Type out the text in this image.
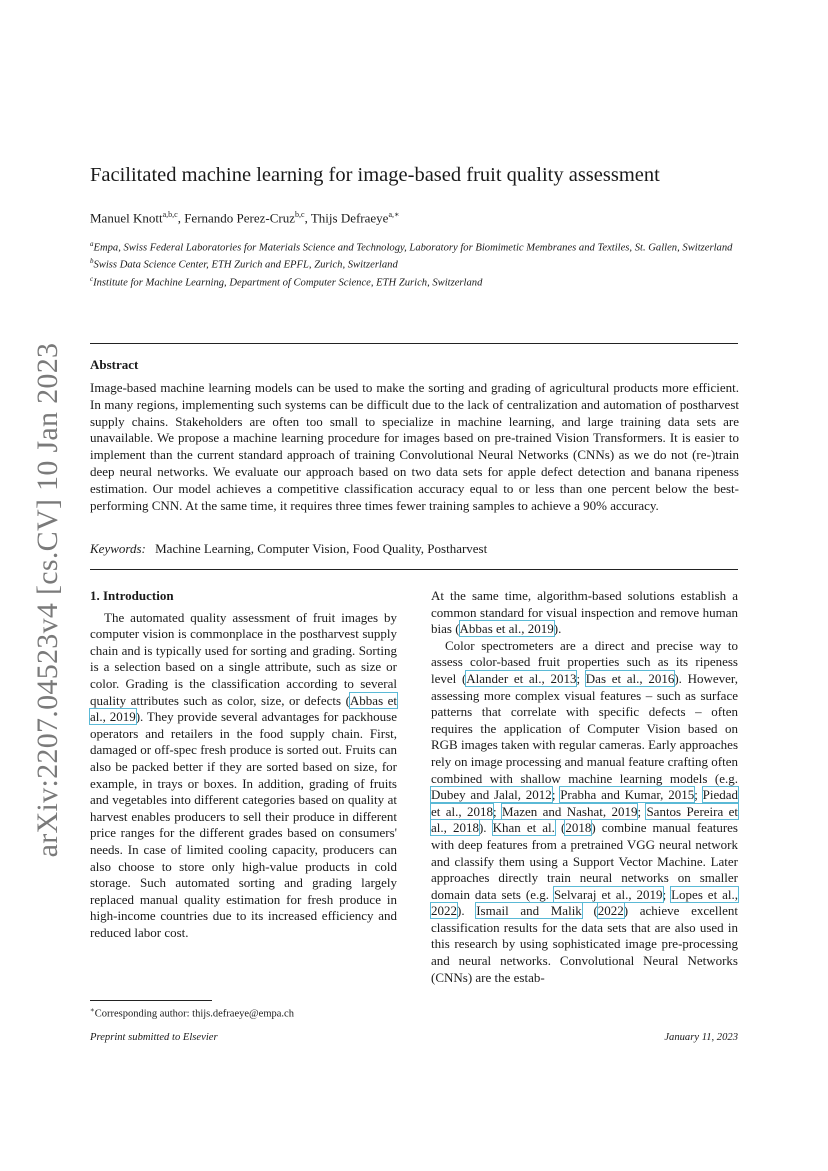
arXiv:2207.04523v4 [cs.CV] 10 Jan 2023
Facilitated machine learning for image-based fruit quality assessment
Manuel Knott$^{a,b,c}$, Fernando Perez-Cruz$^{b,c}$, Thijs Defraeye$^{a,∗}$
$^a$Empa, Swiss Federal Laboratories for Materials Science and Technology, Laboratory for Biomimetic Membranes and Textiles, St. Gallen, Switzerland
$^b$Swiss Data Science Center, ETH Zurich and EPFL, Zurich, Switzerland
$^c$Institute for Machine Learning, Department of Computer Science, ETH Zurich, Switzerland
Abstract
Image-based machine learning models can be used to make the sorting and grading of agricultural products more efficient. In many regions, implementing such systems can be difficult due to the lack of centralization and automation of postharvest supply chains. Stakeholders are often too small to specialize in machine learning, and large training data sets are unavailable. We propose a machine learning procedure for images based on pre-trained Vision Transformers. It is easier to implement than the current standard approach of training Convolutional Neural Networks (CNNs) as we do not (re-)train deep neural networks. We evaluate our approach based on two data sets for apple defect detection and banana ripeness estimation. Our model achieves a competitive classification accuracy equal to or less than one percent below the best-performing CNN. At the same time, it requires three times fewer training samples to achieve a 90% accuracy.
Keywords: Machine Learning, Computer Vision, Food Quality, Postharvest
1. Introduction

The automated quality assessment of fruit images by computer vision is commonplace in the postharvest supply chain and is typically used for sorting and grading. Sorting is a selection based on a single attribute, such as size or color. Grading is the classification according to several quality attributes such as color, size, or defects (Abbas et al., 2019). They provide several advantages for packhouse operators and retailers in the food supply chain. First, damaged or off-spec fresh produce is sorted out. Fruits can also be packed better if they are sorted based on size, for example, in trays or boxes. In addition, grading of fruits and vegetables into different categories based on quality at harvest enables producers to sell their produce in different price ranges for the different grades based on consumers' needs. In case of limited cooling capacity, producers can also choose to store only high-value products in cold storage. Such automated sorting and grading largely replaced manual quality estimation for fresh produce in high-income countries due to its increased efficiency and reduced labor cost.

At the same time, algorithm-based solutions establish a common standard for visual inspection and remove human bias (Abbas et al., 2019).

Color spectrometers are a direct and precise way to assess color-based fruit properties such as its ripeness level (Alander et al., 2013; Das et al., 2016). However, assessing more complex visual features – such as surface patterns that correlate with specific defects – often requires the application of Computer Vision based on RGB images taken with regular cameras. Early approaches rely on image processing and manual feature crafting often combined with shallow machine learning models (e.g. Dubey and Jalal, 2012; Prabha and Kumar, 2015; Piedad et al., 2018; Mazen and Nashat, 2019; Santos Pereira et al., 2018). Khan et al. (2018) combine manual features with deep features from a pretrained VGG neural network and classify them using a Support Vector Machine. Later approaches directly train neural networks on smaller domain data sets (e.g. Selvaraj et al., 2019; Lopes et al., 2022). Ismail and Malik (2022) achieve excellent classification results for the data sets that are also used in this research by using sophisticated image pre-processing and neural networks. Convolutional Neural Networks (CNNs) are the estab-

∗Corresponding author: thijs.defraeye@empa.ch
Preprint submitted to Elsevier	January 11, 2023
